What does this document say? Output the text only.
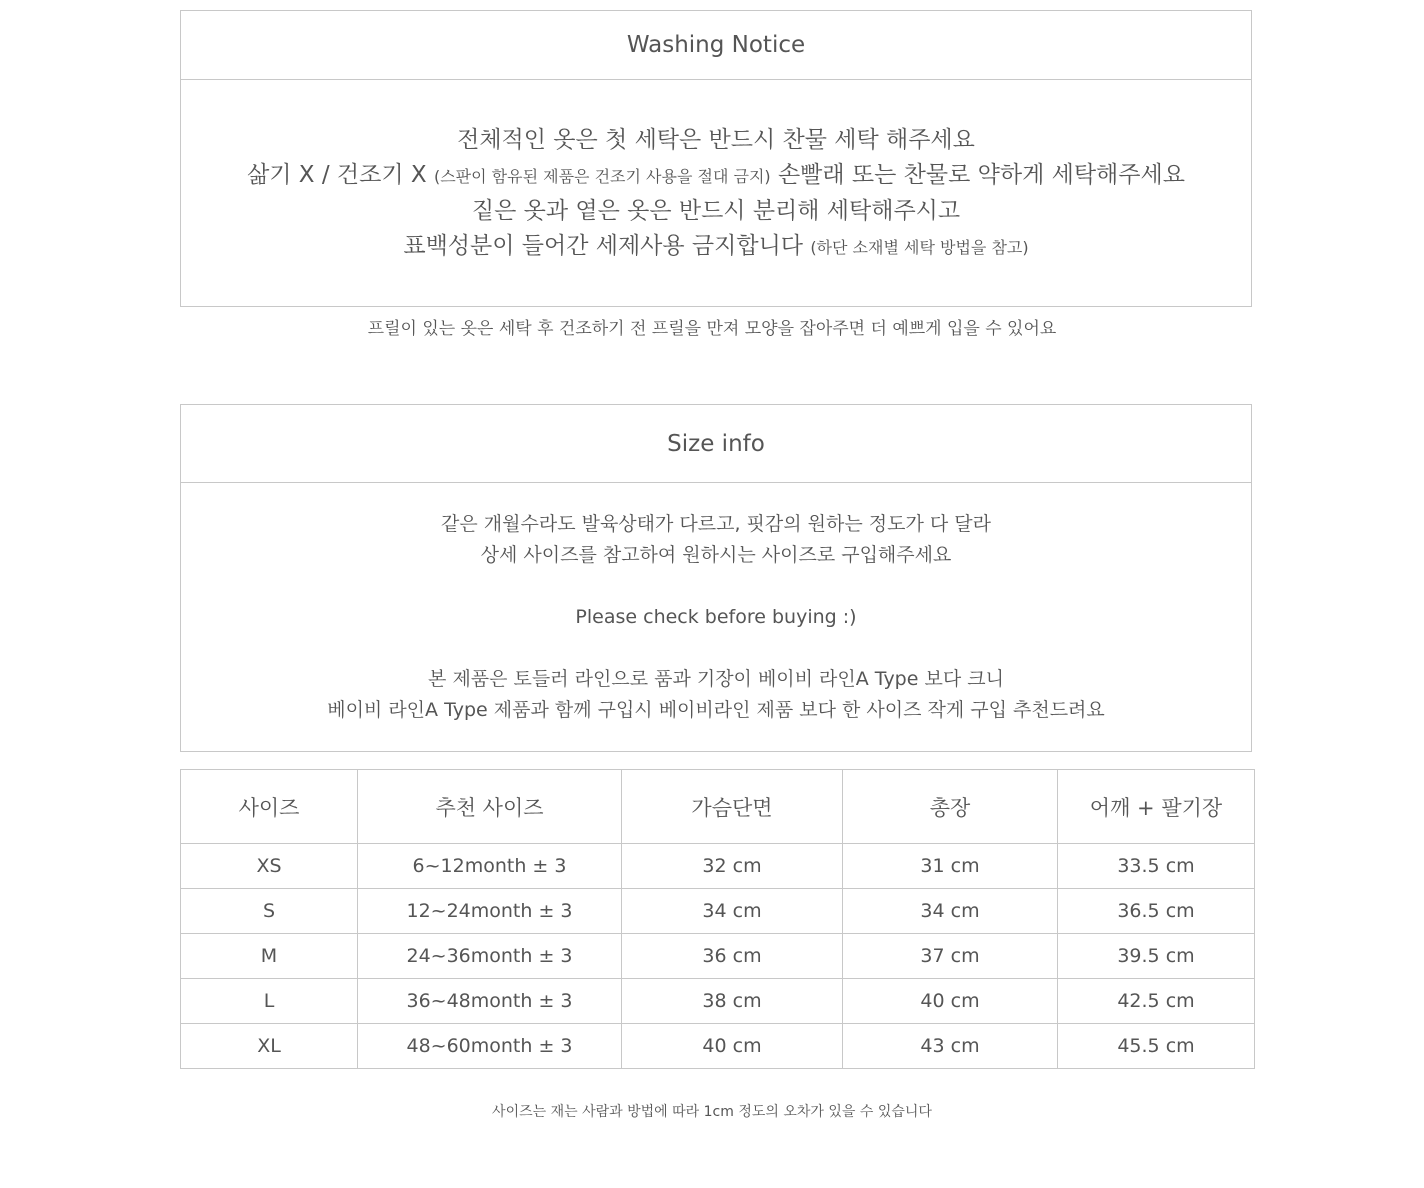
Washing Notice
전체적인 옷은 첫 세탁은 반드시 찬물 세탁 해주세요
삶기 X / 건조기 X (스판이 함유된 제품은 건조기 사용을 절대 금지) 손빨래 또는 찬물로 약하게 세탁해주세요
짙은 옷과 옅은 옷은 반드시 분리해 세탁해주시고
표백성분이 들어간 세제사용 금지합니다 (하단 소재별 세탁 방법을 참고)
프릴이 있는 옷은 세탁 후 건조하기 전 프릴을 만져 모양을 잡아주면 더 예쁘게 입을 수 있어요
Size info
같은 개월수라도 발육상태가 다르고, 핏감의 원하는 정도가 다 달라
상세 사이즈를 참고하여 원하시는 사이즈로 구입해주세요
Please check before buying :)
본 제품은 토들러 라인으로 품과 기장이 베이비 라인A Type 보다 크니
베이비 라인A Type 제품과 함께 구입시 베이비라인 제품 보다 한 사이즈 작게 구입 추천드려요
사이즈	추천 사이즈	가슴단면	총장	어깨 + 팔기장
XS	6~12month ± 3	32 cm	31 cm	33.5 cm
S	12~24month ± 3	34 cm	34 cm	36.5 cm
M	24~36month ± 3	36 cm	37 cm	39.5 cm
L	36~48month ± 3	38 cm	40 cm	42.5 cm
XL	48~60month ± 3	40 cm	43 cm	45.5 cm
사이즈는 재는 사람과 방법에 따라 1cm 정도의 오차가 있을 수 있습니다
